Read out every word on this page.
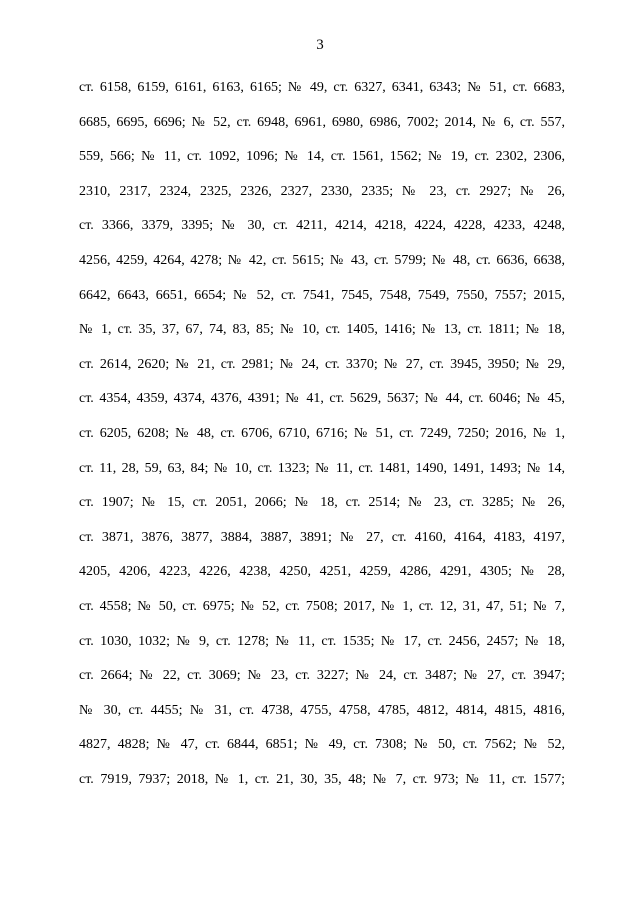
3
ст. 6158, 6159, 6161, 6163, 6165; № 49, ст. 6327, 6341, 6343; № 51, ст. 6683,
6685, 6695, 6696; № 52, ст. 6948, 6961, 6980, 6986, 7002; 2014, № 6, ст. 557,
559, 566; № 11, ст. 1092, 1096; № 14, ст. 1561, 1562; № 19, ст. 2302, 2306,
2310, 2317, 2324, 2325, 2326, 2327, 2330, 2335; № 23, ст. 2927; № 26,
ст. 3366, 3379, 3395; № 30, ст. 4211, 4214, 4218, 4224, 4228, 4233, 4248,
4256, 4259, 4264, 4278; № 42, ст. 5615; № 43, ст. 5799; № 48, ст. 6636, 6638,
6642, 6643, 6651, 6654; № 52, ст. 7541, 7545, 7548, 7549, 7550, 7557; 2015,
№ 1, ст. 35, 37, 67, 74, 83, 85; № 10, ст. 1405, 1416; № 13, ст. 1811; № 18,
ст. 2614, 2620; № 21, ст. 2981; № 24, ст. 3370; № 27, ст. 3945, 3950; № 29,
ст. 4354, 4359, 4374, 4376, 4391; № 41, ст. 5629, 5637; № 44, ст. 6046; № 45,
ст. 6205, 6208; № 48, ст. 6706, 6710, 6716; № 51, ст. 7249, 7250; 2016, № 1,
ст. 11, 28, 59, 63, 84; № 10, ст. 1323; № 11, ст. 1481, 1490, 1491, 1493; № 14,
ст. 1907; № 15, ст. 2051, 2066; № 18, ст. 2514; № 23, ст. 3285; № 26,
ст. 3871, 3876, 3877, 3884, 3887, 3891; № 27, ст. 4160, 4164, 4183, 4197,
4205, 4206, 4223, 4226, 4238, 4250, 4251, 4259, 4286, 4291, 4305; № 28,
ст. 4558; № 50, ст. 6975; № 52, ст. 7508; 2017, № 1, ст. 12, 31, 47, 51; № 7,
ст. 1030, 1032; № 9, ст. 1278; № 11, ст. 1535; № 17, ст. 2456, 2457; № 18,
ст. 2664; № 22, ст. 3069; № 23, ст. 3227; № 24, ст. 3487; № 27, ст. 3947;
№ 30, ст. 4455; № 31, ст. 4738, 4755, 4758, 4785, 4812, 4814, 4815, 4816,
4827, 4828; № 47, ст. 6844, 6851; № 49, ст. 7308; № 50, ст. 7562; № 52,
ст. 7919, 7937; 2018, № 1, ст. 21, 30, 35, 48; № 7, ст. 973; № 11, ст. 1577;
